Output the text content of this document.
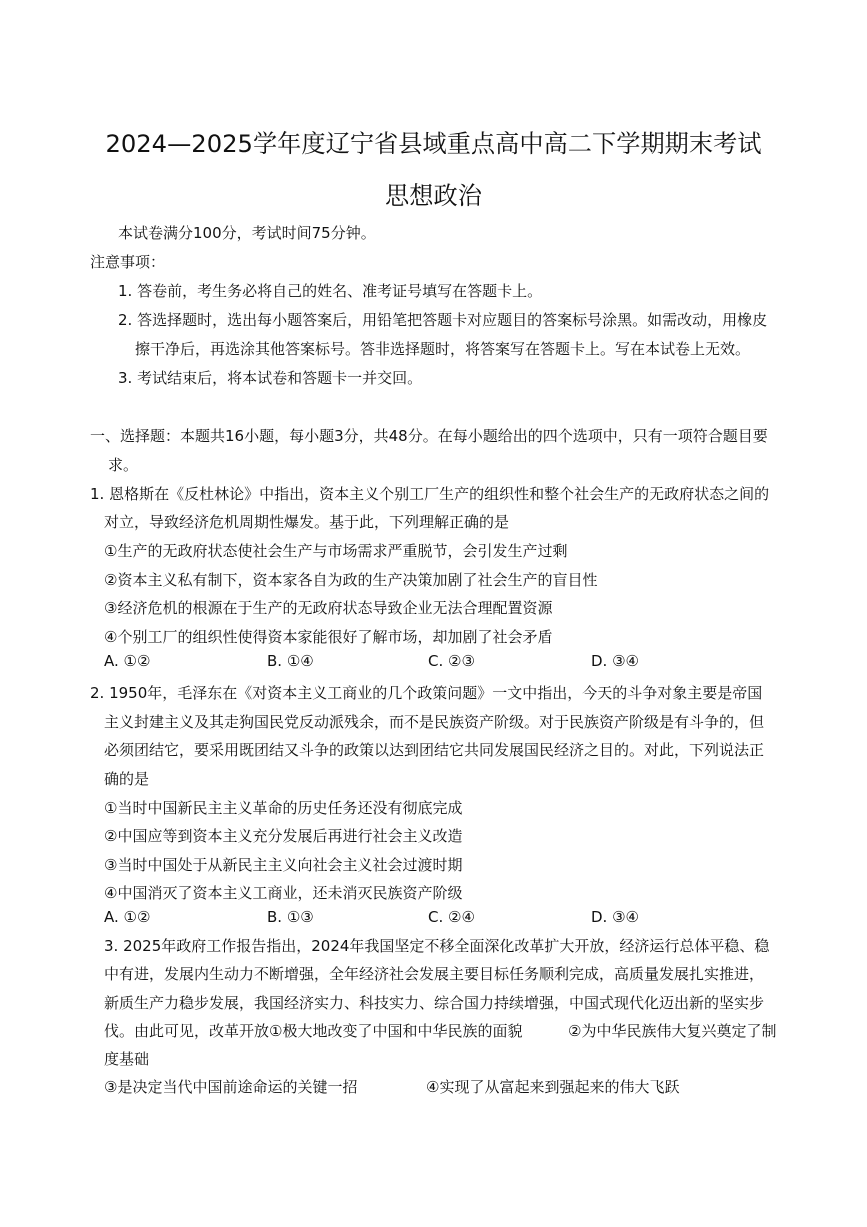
2024—2025学年度辽宁省县域重点高中高二下学期期末考试
思想政治
本试卷满分100分，考试时间75分钟。
注意事项：
1. 答卷前，考生务必将自己的姓名、准考证号填写在答题卡上。
2. 答选择题时，选出每小题答案后，用铅笔把答题卡对应题目的答案标号涂黑。如需改动，用橡皮
擦干净后，再选涂其他答案标号。答非选择题时，将答案写在答题卡上。写在本试卷上无效。
3. 考试结束后，将本试卷和答题卡一并交回。
一、选择题：本题共16小题，每小题3分，共48分。在每小题给出的四个选项中，只有一项符合题目要
求。
1. 恩格斯在《反杜林论》中指出，资本主义个别工厂生产的组织性和整个社会生产的无政府状态之间的
对立，导致经济危机周期性爆发。基于此，下列理解正确的是
①生产的无政府状态使社会生产与市场需求严重脱节，会引发生产过剩
②资本主义私有制下，资本家各自为政的生产决策加剧了社会生产的盲目性
③经济危机的根源在于生产的无政府状态导致企业无法合理配置资源
④个别工厂的组织性使得资本家能很好了解市场，却加剧了社会矛盾
A. ①②	B. ①④	C. ②③	D. ③④
2. 1950年，毛泽东在《对资本主义工商业的几个政策问题》一文中指出，今天的斗争对象主要是帝国
主义封建主义及其走狗国民党反动派残余，而不是民族资产阶级。对于民族资产阶级是有斗争的，但
必须团结它，要采用既团结又斗争的政策以达到团结它共同发展国民经济之目的。对此，下列说法正
确的是
①当时中国新民主主义革命的历史任务还没有彻底完成
②中国应等到资本主义充分发展后再进行社会主义改造
③当时中国处于从新民主主义向社会主义社会过渡时期
④中国消灭了资本主义工商业，还未消灭民族资产阶级
A. ①②	B. ①③	C. ②④	D. ③④
3. 2025年政府工作报告指出，2024年我国坚定不移全面深化改革扩大开放，经济运行总体平稳、稳
中有进，发展内生动力不断增强，全年经济社会发展主要目标任务顺利完成，高质量发展扎实推进，
新质生产力稳步发展，我国经济实力、科技实力、综合国力持续增强，中国式现代化迈出新的坚实步
伐。由此可见，改革开放①极大地改变了中国和中华民族的面貌	②为中华民族伟大复兴奠定了制
度基础
③是决定当代中国前途命运的关键一招	④实现了从富起来到强起来的伟大飞跃
